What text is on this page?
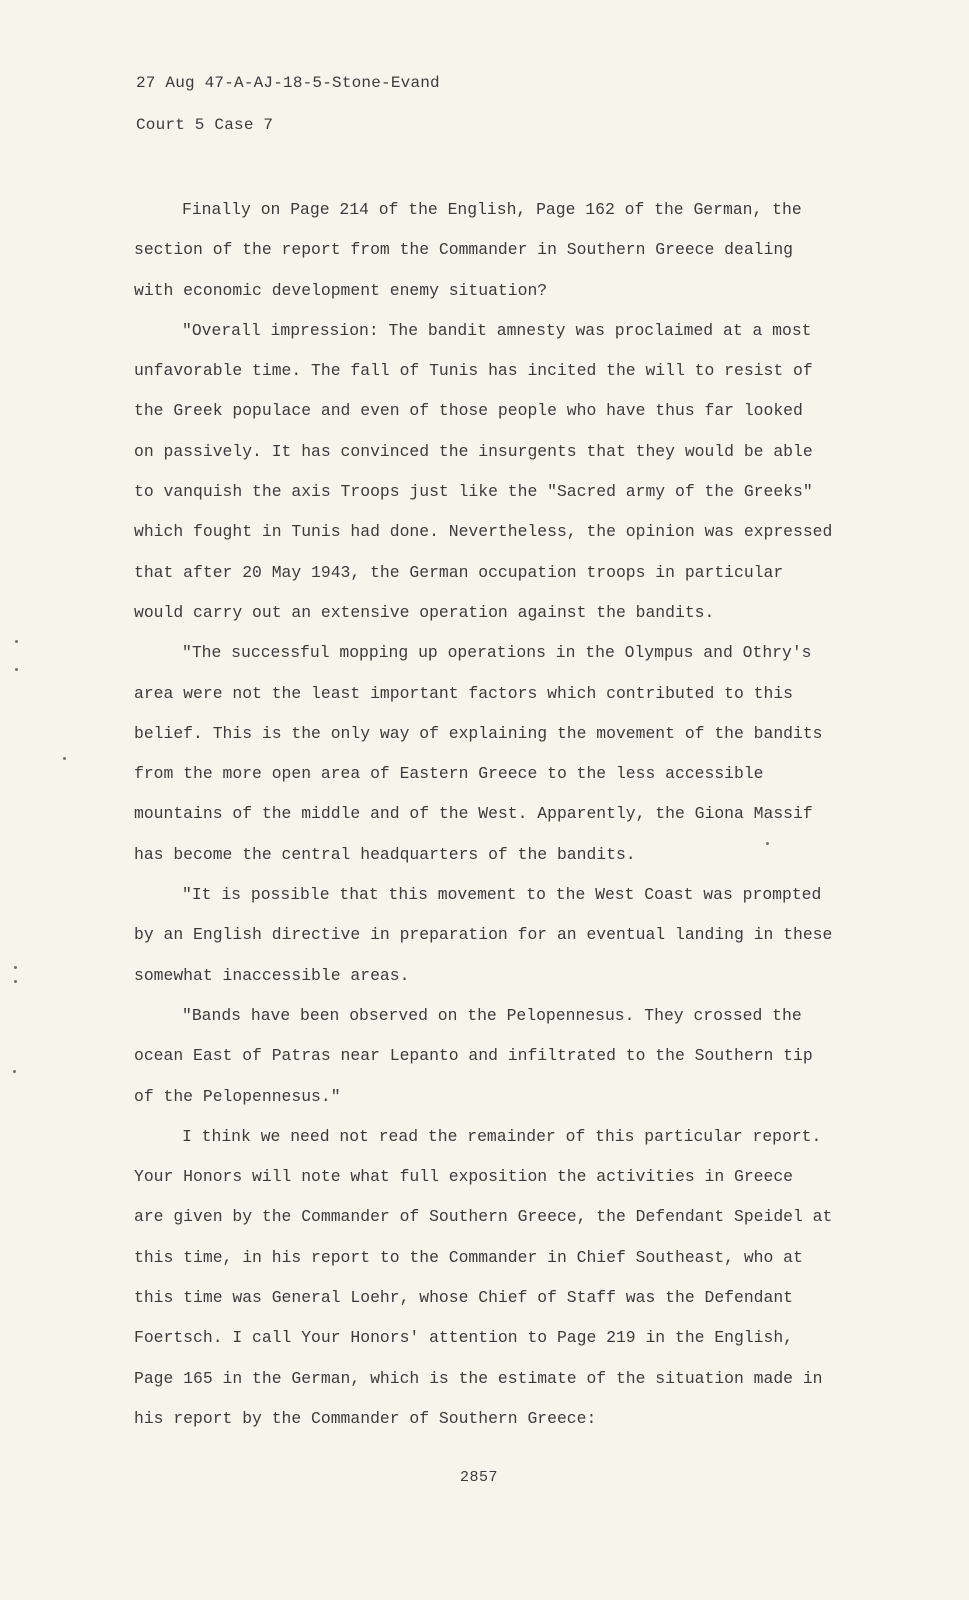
27 Aug 47-A-AJ-18-5-Stone-Evand
Court 5 Case 7
Finally on Page 214 of the English, Page 162 of the German, the
section of the report from the Commander in Southern Greece dealing
with economic development enemy situation?
"Overall impression: The bandit amnesty was proclaimed at a most
unfavorable time. The fall of Tunis has incited the will to resist of
the Greek populace and even of those people who have thus far looked
on passively. It has convinced the insurgents that they would be able
to vanquish the axis Troops just like the "Sacred army of the Greeks"
which fought in Tunis had done. Nevertheless, the opinion was expressed
that after 20 May 1943, the German occupation troops in particular
would carry out an extensive operation against the bandits.
"The successful mopping up operations in the Olympus and Othry's
area were not the least important factors which contributed to this
belief. This is the only way of explaining the movement of the bandits
from the more open area of Eastern Greece to the less accessible
mountains of the middle and of the West. Apparently, the Giona Massif
has become the central headquarters of the bandits.
"It is possible that this movement to the West Coast was prompted
by an English directive in preparation for an eventual landing in these
somewhat inaccessible areas.
"Bands have been observed on the Pelopennesus. They crossed the
ocean East of Patras near Lepanto and infiltrated to the Southern tip
of the Pelopennesus."
I think we need not read the remainder of this particular report.
Your Honors will note what full exposition the activities in Greece
are given by the Commander of Southern Greece, the Defendant Speidel at
this time, in his report to the Commander in Chief Southeast, who at
this time was General Loehr, whose Chief of Staff was the Defendant
Foertsch. I call Your Honors' attention to Page 219 in the English,
Page 165 in the German, which is the estimate of the situation made in
his report by the Commander of Southern Greece:
2857
